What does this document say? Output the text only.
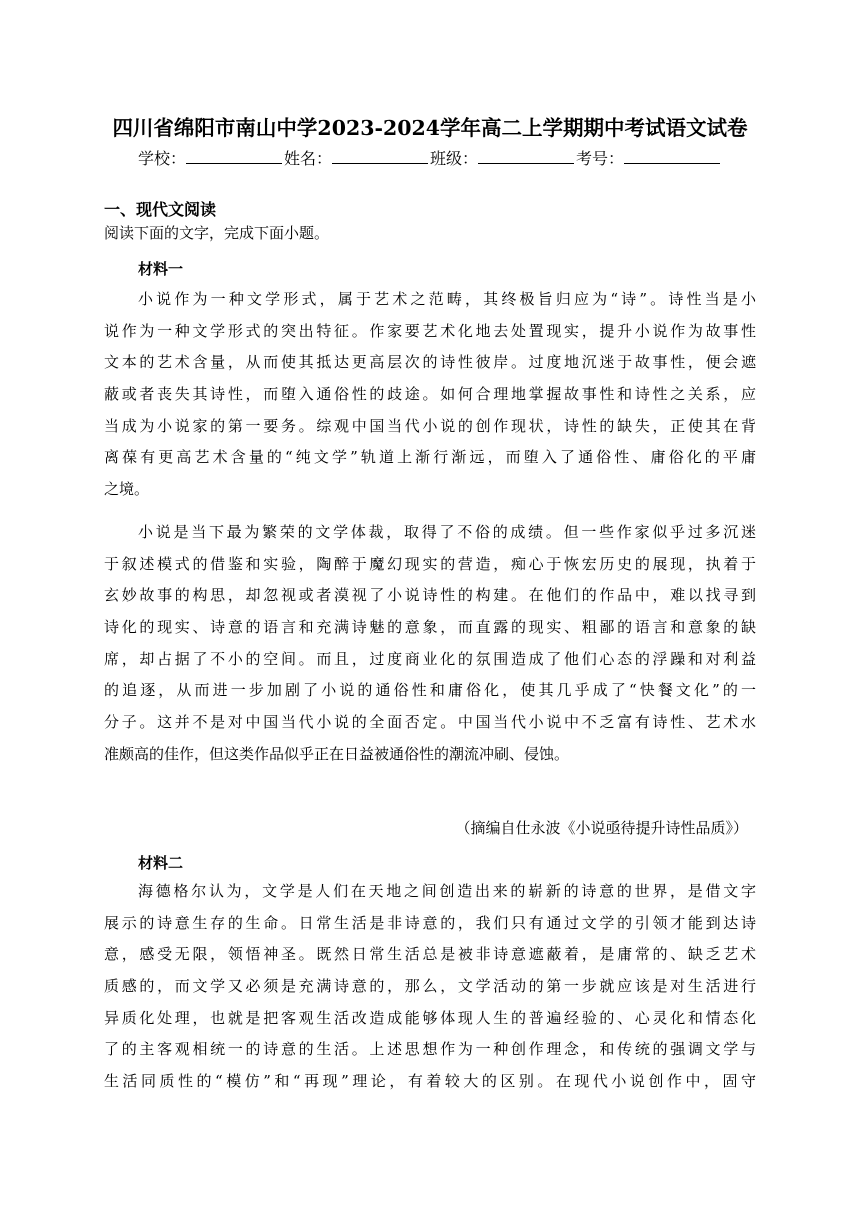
四川省绵阳市南山中学2023-2024学年高二上学期期中考试语文试卷
学校：	姓名：	班级：	考号：
一、现代文阅读
阅读下面的文字，完成下面小题。
材料一
小说作为一种文学形式，属于艺术之范畴，其终极旨归应为“诗”。诗性当是小
说作为一种文学形式的突出特征。作家要艺术化地去处置现实，提升小说作为故事性
文本的艺术含量，从而使其抵达更高层次的诗性彼岸。过度地沉迷于故事性，便会遮
蔽或者丧失其诗性，而堕入通俗性的歧途。如何合理地掌握故事性和诗性之关系，应
当成为小说家的第一要务。综观中国当代小说的创作现状，诗性的缺失，正使其在背
离葆有更高艺术含量的“纯文学”轨道上渐行渐远，而堕入了通俗性、庸俗化的平庸
之境。
小说是当下最为繁荣的文学体裁，取得了不俗的成绩。但一些作家似乎过多沉迷
于叙述模式的借鉴和实验，陶醉于魔幻现实的营造，痴心于恢宏历史的展现，执着于
玄妙故事的构思，却忽视或者漠视了小说诗性的构建。在他们的作品中，难以找寻到
诗化的现实、诗意的语言和充满诗魅的意象，而直露的现实、粗鄙的语言和意象的缺
席，却占据了不小的空间。而且，过度商业化的氛围造成了他们心态的浮躁和对利益
的追逐，从而进一步加剧了小说的通俗性和庸俗化，使其几乎成了“快餐文化”的一
分子。这并不是对中国当代小说的全面否定。中国当代小说中不乏富有诗性、艺术水
准颇高的佳作，但这类作品似乎正在日益被通俗性的潮流冲刷、侵蚀。
（摘编自仕永波《小说亟待提升诗性品质》）
材料二
海德格尔认为，文学是人们在天地之间创造出来的崭新的诗意的世界，是借文字
展示的诗意生存的生命。日常生活是非诗意的，我们只有通过文学的引领才能到达诗
意，感受无限，领悟神圣。既然日常生活总是被非诗意遮蔽着，是庸常的、缺乏艺术
质感的，而文学又必须是充满诗意的，那么，文学活动的第一步就应该是对生活进行
异质化处理，也就是把客观生活改造成能够体现人生的普遍经验的、心灵化和情态化
了的主客观相统一的诗意的生活。上述思想作为一种创作理念，和传统的强调文学与
生活同质性的“模仿”和“再现”理论，有着较大的区别。在现代小说创作中，固守
